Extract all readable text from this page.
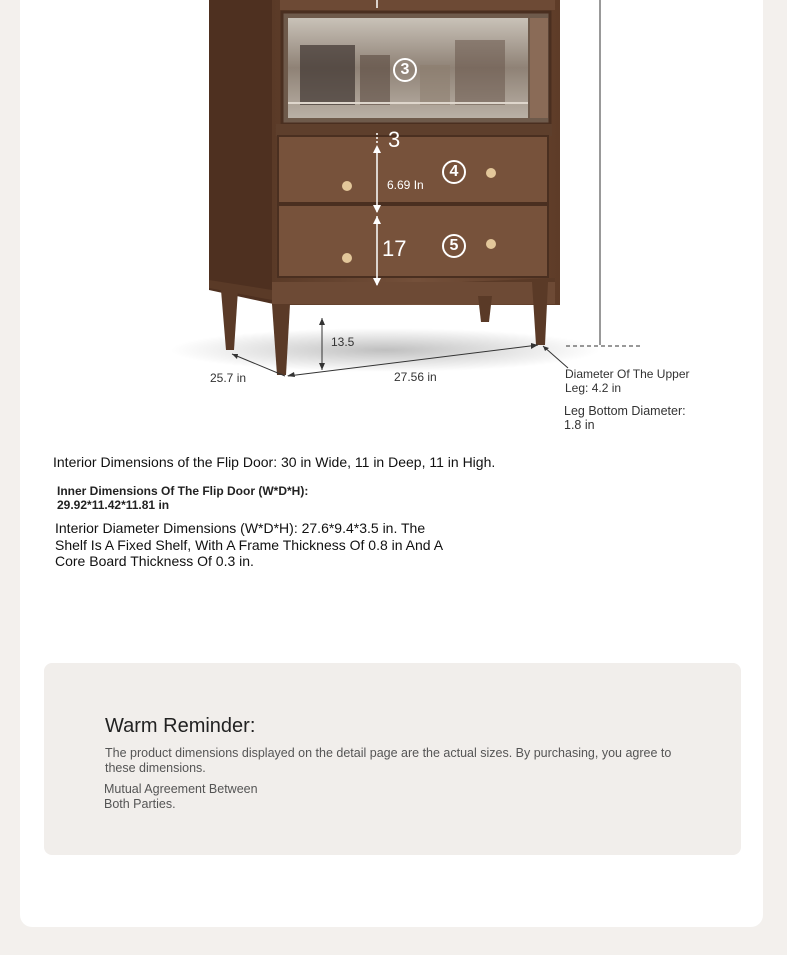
6.69 In
3
17
3
4
5
13.5
25.7 in	27.56 in	Diameter Of The Upper Leg: 4.2 in
Leg Bottom Diameter: 1.8 in
Interior Dimensions of the Flip Door: 30 in Wide, 11 in Deep, 11 in High.
Inner Dimensions Of The Flip Door (W*D*H): 29.92*11.42*11.81 in
Interior Diameter Dimensions (W*D*H): 27.6*9.4*3.5 in. The Shelf Is A Fixed Shelf, With A Frame Thickness Of 0.8 in And A Core Board Thickness Of 0.3 in.
Warm Reminder:
The product dimensions displayed on the detail page are the actual sizes. By purchasing, you agree to these dimensions.
Mutual Agreement Between Both Parties.
